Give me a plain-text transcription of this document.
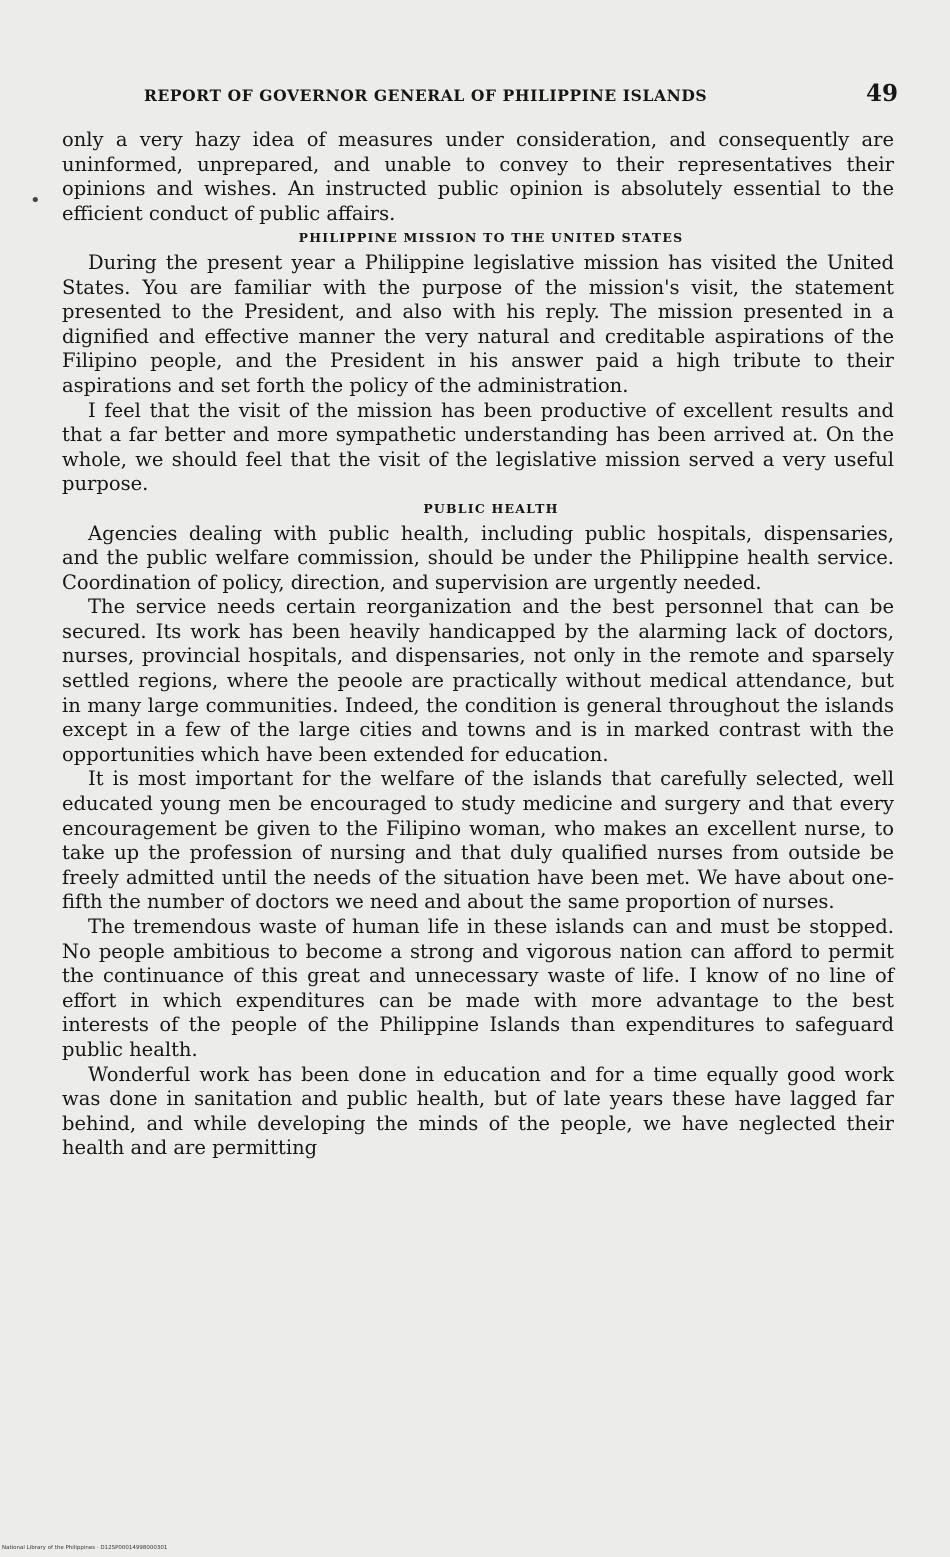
REPORT OF GOVERNOR GENERAL OF PHILIPPINE ISLANDS	49
•

only a very hazy idea of measures under consideration, and consequently are uninformed, unprepared, and unable to convey to their representatives their opinions and wishes. An instructed public opinion is absolutely essential to the efficient conduct of public affairs.

PHILIPPINE MISSION TO THE UNITED STATES

During the present year a Philippine legislative mission has visited the United States. You are familiar with the purpose of the mission's visit, the statement presented to the President, and also with his reply. The mission presented in a dignified and effective manner the very natural and creditable aspirations of the Filipino people, and the President in his answer paid a high tribute to their aspirations and set forth the policy of the administration.

I feel that the visit of the mission has been productive of excellent results and that a far better and more sympathetic understanding has been arrived at. On the whole, we should feel that the visit of the legislative mission served a very useful purpose.

PUBLIC HEALTH

Agencies dealing with public health, including public hospitals, dispensaries, and the public welfare commission, should be under the Philippine health service. Coordination of policy, direction, and supervision are urgently needed.

The service needs certain reorganization and the best personnel that can be secured. Its work has been heavily handicapped by the alarming lack of doctors, nurses, provincial hospitals, and dispensaries, not only in the remote and sparsely settled regions, where the peoole are practically without medical attendance, but in many large communities. Indeed, the condition is general throughout the islands except in a few of the large cities and towns and is in marked contrast with the opportunities which have been extended for education.

It is most important for the welfare of the islands that carefully selected, well educated young men be encouraged to study medicine and surgery and that every encouragement be given to the Filipino woman, who makes an excellent nurse, to take up the profession of nursing and that duly qualified nurses from outside be freely admitted until the needs of the situation have been met. We have about one-fifth the number of doctors we need and about the same proportion of nurses.

The tremendous waste of human life in these islands can and must be stopped. No people ambitious to become a strong and vigorous nation can afford to permit the continuance of this great and unnecessary waste of life. I know of no line of effort in which expenditures can be made with more advantage to the best interests of the people of the Philippine Islands than expenditures to safeguard public health.

Wonderful work has been done in education and for a time equally good work was done in sanitation and public health, but of late years these have lagged far behind, and while developing the minds of the people, we have neglected their health and are permitting

National Library of the Philippines · D12SP00014998000301
